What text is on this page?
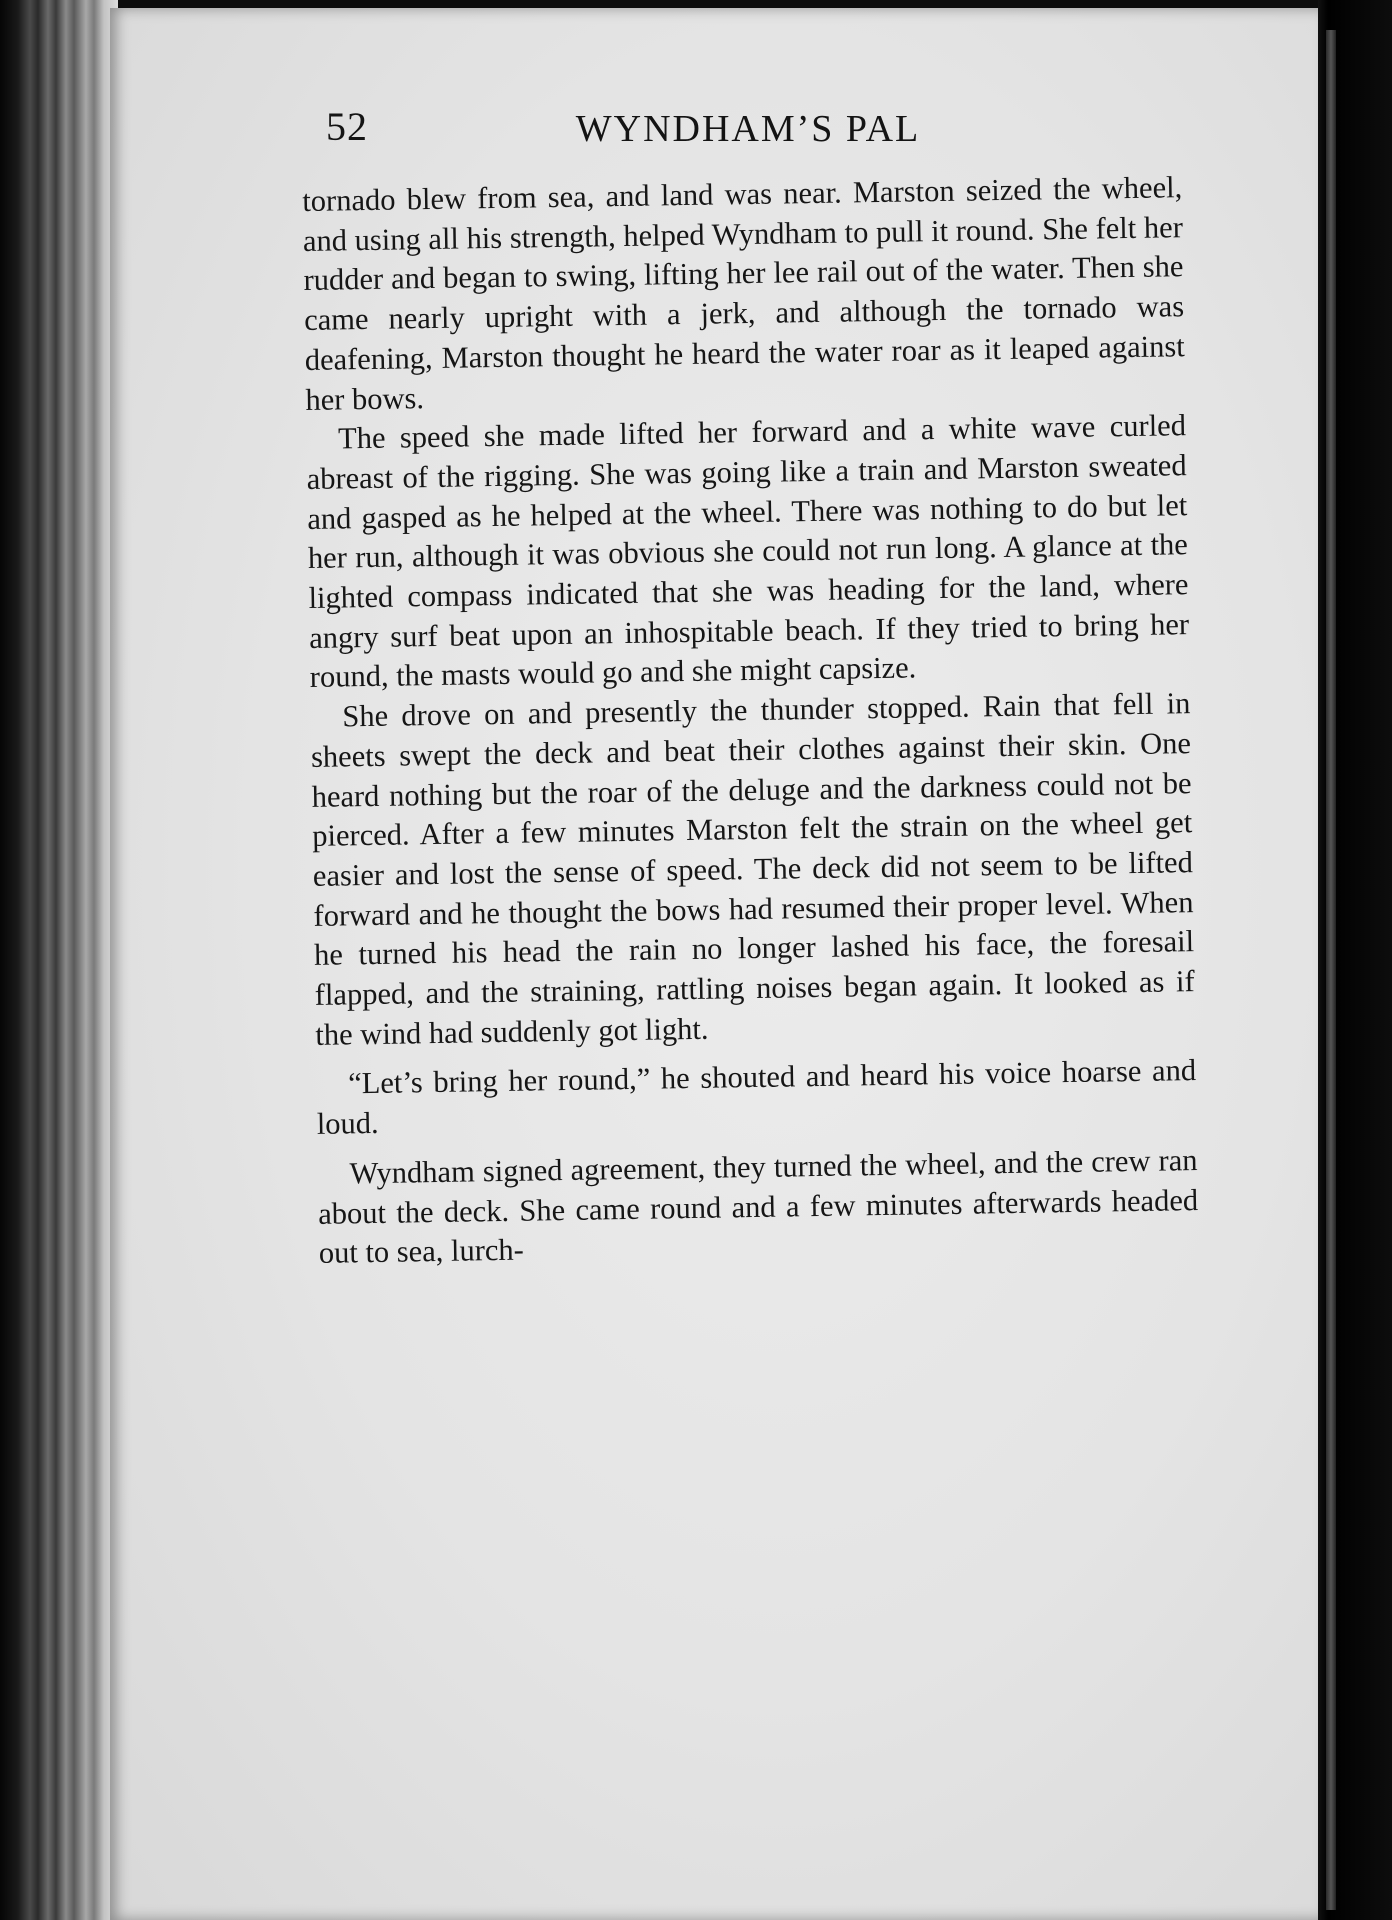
52	WYNDHAM’S PAL

tornado blew from sea, and land was near. Marston seized the wheel, and using all his strength, helped Wyndham to pull it round. She felt her rudder and began to swing, lifting her lee rail out of the water. Then she came nearly upright with a jerk, and although the tornado was deafening, Marston thought he heard the water roar as it leaped against her bows.

The speed she made lifted her forward and a white wave curled abreast of the rigging. She was going like a train and Marston sweated and gasped as he helped at the wheel. There was nothing to do but let her run, although it was obvious she could not run long. A glance at the lighted compass indicated that she was heading for the land, where angry surf beat upon an inhospitable beach. If they tried to bring her round, the masts would go and she might capsize.

She drove on and presently the thunder stopped. Rain that fell in sheets swept the deck and beat their clothes against their skin. One heard nothing but the roar of the deluge and the darkness could not be pierced. After a few minutes Marston felt the strain on the wheel get easier and lost the sense of speed. The deck did not seem to be lifted forward and he thought the bows had resumed their proper level. When he turned his head the rain no longer lashed his face, the foresail flapped, and the straining, rattling noises began again. It looked as if the wind had suddenly got light.

“Let’s bring her round,” he shouted and heard his voice hoarse and loud.

Wyndham signed agreement, they turned the wheel, and the crew ran about the deck. She came round and a few minutes afterwards headed out to sea, lurch-
